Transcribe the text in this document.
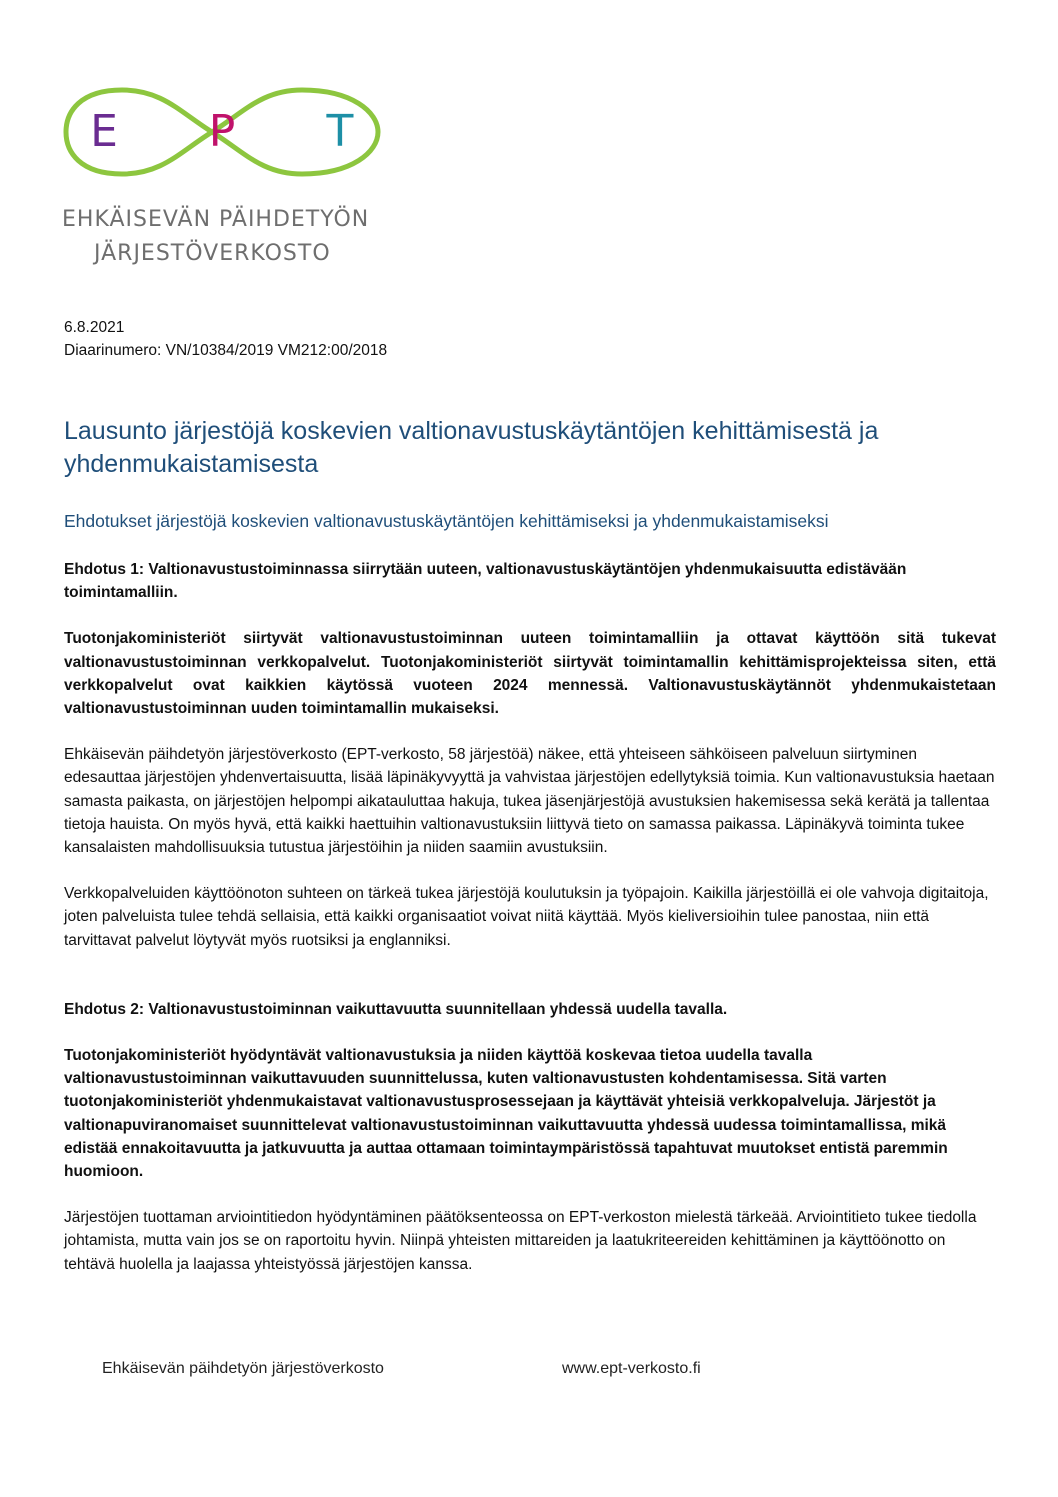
E P T
EHKÄISEVÄN PÄIHDETYÖN
JÄRJESTÖVERKOSTO
6.8.2021
Diaarinumero: VN/10384/2019 VM212:00/2018
Lausunto järjestöjä koskevien valtionavustuskäytäntöjen kehittämisestä ja yhdenmukaistamisesta
Ehdotukset järjestöjä koskevien valtionavustuskäytäntöjen kehittämiseksi ja yhdenmukaistamiseksi

Ehdotus 1: Valtionavustustoiminnassa siirrytään uuteen, valtionavustuskäytäntöjen yhdenmukaisuutta edistävään toimintamalliin.

Tuotonjakoministeriöt siirtyvät valtionavustustoiminnan uuteen toimintamalliin ja ottavat käyttöön sitä tukevat valtionavustustoiminnan verkkopalvelut. Tuotonjakoministeriöt siirtyvät toimintamallin kehittämisprojekteissa siten, että verkkopalvelut ovat kaikkien käytössä vuoteen 2024 mennessä. Valtionavustuskäytännöt yhdenmukaistetaan valtionavustustoiminnan uuden toimintamallin mukaiseksi.

Ehkäisevän päihdetyön järjestöverkosto (EPT-verkosto, 58 järjestöä) näkee, että yhteiseen sähköiseen palveluun siirtyminen edesauttaa järjestöjen yhdenvertaisuutta, lisää läpinäkyvyyttä ja vahvistaa järjestöjen edellytyksiä toimia. Kun valtionavustuksia haetaan samasta paikasta, on järjestöjen helpompi aikatauluttaa hakuja, tukea jäsenjärjestöjä avustuksien hakemisessa sekä kerätä ja tallentaa tietoja hauista. On myös hyvä, että kaikki haettuihin valtionavustuksiin liittyvä tieto on samassa paikassa. Läpinäkyvä toiminta tukee kansalaisten mahdollisuuksia tutustua järjestöihin ja niiden saamiin avustuksiin.

Verkkopalveluiden käyttöönoton suhteen on tärkeä tukea järjestöjä koulutuksin ja työpajoin. Kaikilla järjestöillä ei ole vahvoja digitaitoja, joten palveluista tulee tehdä sellaisia, että kaikki organisaatiot voivat niitä käyttää. Myös kieliversioihin tulee panostaa, niin että tarvittavat palvelut löytyvät myös ruotsiksi ja englanniksi.

Ehdotus 2: Valtionavustustoiminnan vaikuttavuutta suunnitellaan yhdessä uudella tavalla.

Tuotonjakoministeriöt hyödyntävät valtionavustuksia ja niiden käyttöä koskevaa tietoa uudella tavalla valtionavustustoiminnan vaikuttavuuden suunnittelussa, kuten valtionavustusten kohdentamisessa. Sitä varten tuotonjakoministeriöt yhdenmukaistavat valtionavustusprosessejaan ja käyttävät yhteisiä verkkopalveluja. Järjestöt ja valtionapuviranomaiset suunnittelevat valtionavustustoiminnan vaikuttavuutta yhdessä uudessa toimintamallissa, mikä edistää ennakoitavuutta ja jatkuvuutta ja auttaa ottamaan toimintaympäristössä tapahtuvat muutokset entistä paremmin huomioon.

Järjestöjen tuottaman arviointitiedon hyödyntäminen päätöksenteossa on EPT-verkoston mielestä tärkeää. Arviointitieto tukee tiedolla johtamista, mutta vain jos se on raportoitu hyvin. Niinpä yhteisten mittareiden ja laatukriteereiden kehittäminen ja käyttöönotto on tehtävä huolella ja laajassa yhteistyössä järjestöjen kanssa.

Ehkäisevän päihdetyön järjestöverkosto	www.ept-verkosto.fi
